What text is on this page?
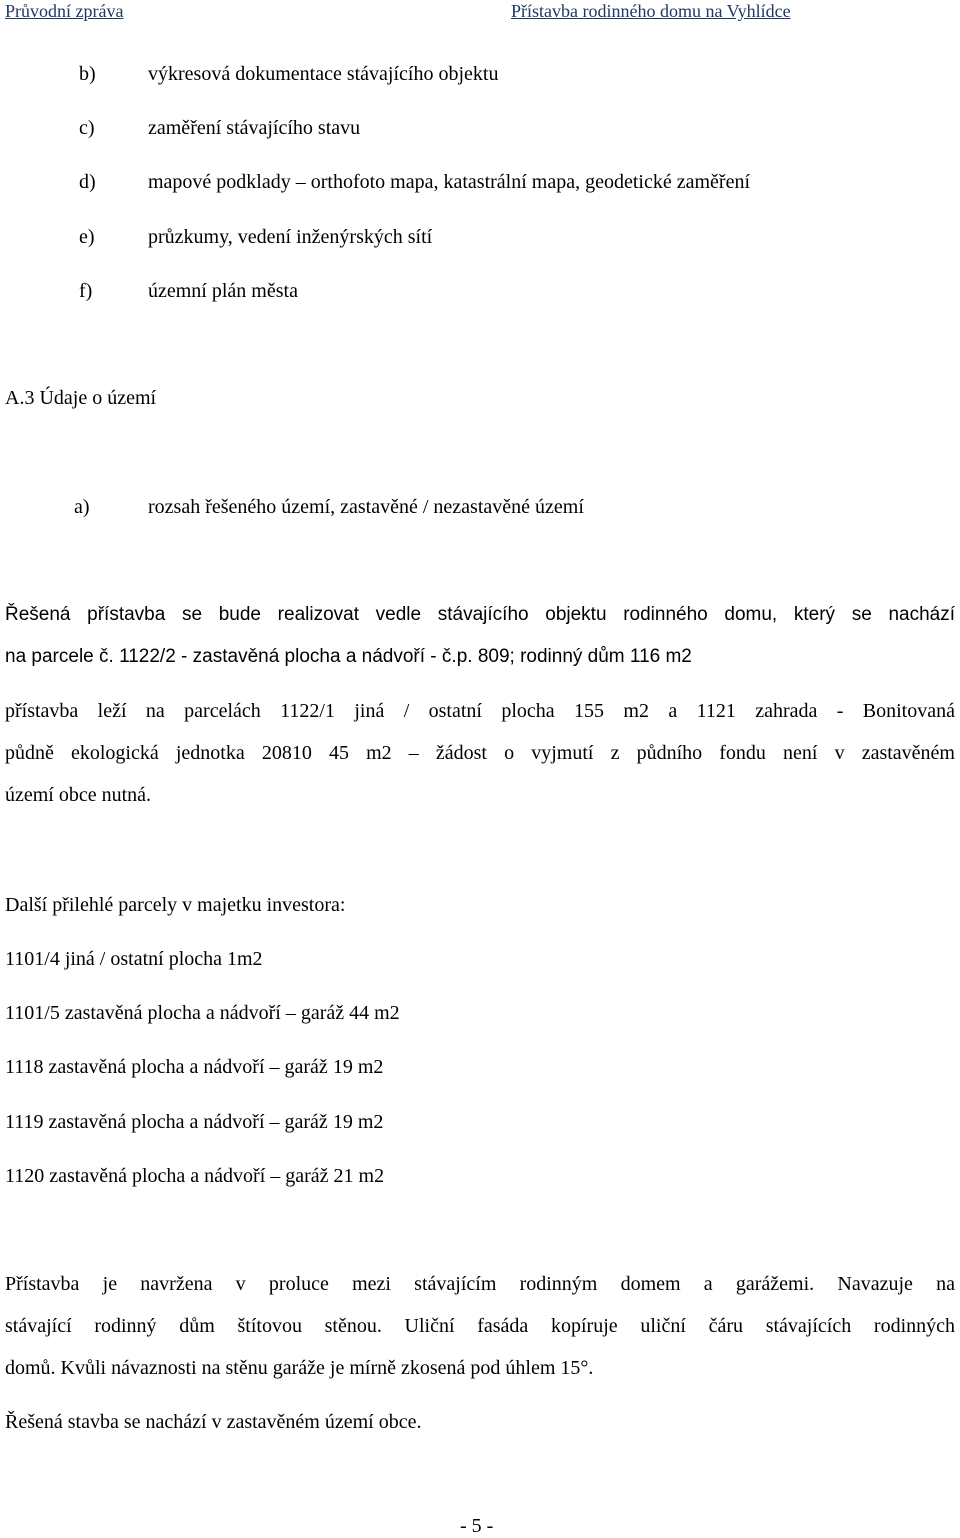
Průvodní zpráva	Přístavba rodinného domu na Vyhlídce
b)	výkresová dokumentace stávajícího objektu
c)	zaměření stávajícího stavu
d)	mapové podklady – orthofoto mapa, katastrální mapa, geodetické zaměření
e)	průzkumy, vedení inženýrských sítí
f)	územní plán města
A.3 Údaje o území
a)	rozsah řešeného území, zastavěné / nezastavěné území
Řešená přístavba se bude realizovat vedle stávajícího objektu rodinného domu, který se nachází
na parcele č. 1122/2 - zastavěná plocha a nádvoří - č.p. 809; rodinný dům 116 m2
přístavba leží na parcelách 1122/1 jiná / ostatní plocha 155 m2 a 1121 zahrada - Bonitovaná
půdně ekologická jednotka 20810 45 m2 – žádost o vyjmutí z půdního fondu není v zastavěném
území obce nutná.
Další přilehlé parcely v majetku investora:
1101/4 jiná / ostatní plocha 1m2
1101/5 zastavěná plocha a nádvoří – garáž 44 m2
1118 zastavěná plocha a nádvoří – garáž 19 m2
1119 zastavěná plocha a nádvoří – garáž 19 m2
1120 zastavěná plocha a nádvoří – garáž 21 m2
Přístavba je navržena v proluce mezi stávajícím rodinným domem a garážemi. Navazuje na
stávající rodinný dům štítovou stěnou. Uliční fasáda kopíruje uliční čáru stávajících rodinných
domů. Kvůli návaznosti na stěnu garáže je mírně zkosená pod úhlem 15°.
Řešená stavba se nachází v zastavěném území obce.
- 5 -
